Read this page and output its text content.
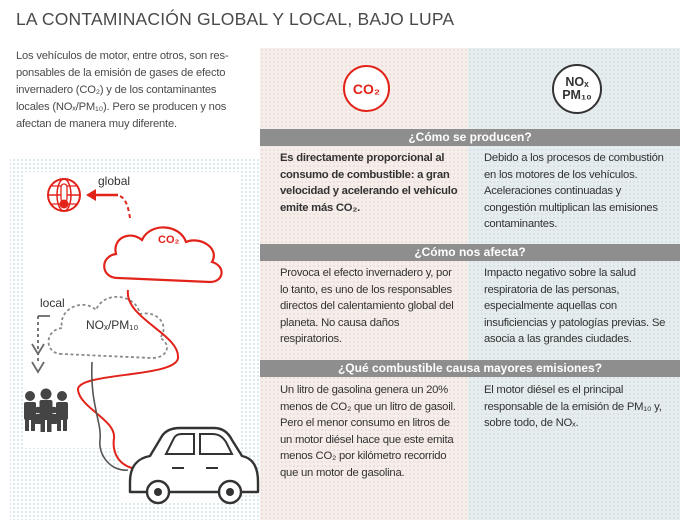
LA CONTAMINACIÓN GLOBAL Y LOCAL, BAJO LUPA
Los vehículos de motor, entre otros, son res-
ponsables de la emisión de gases de efecto
invernadero (CO₂) y de los contaminantes
locales (NOₓ/PM₁₀). Pero se producen y nos
afectan de manera muy diferente.
global
local
CO₂
NOₓ/PM₁₀
CO₂	NOₓ
PM₁₀
¿Cómo se producen?
Es directamente proporcional al consumo de combustible: a gran velocidad y acelerando el vehículo emite más CO₂.
Debido a los procesos de combustión en los motores de los vehículos. Aceleraciones continuadas y congestión multiplican las emisiones contaminantes.
¿Cómo nos afecta?
Provoca el efecto invernadero y, por lo tanto, es uno de los responsables directos del calentamiento global del planeta. No causa daños respiratorios.
Impacto negativo sobre la salud respiratoria de las personas, especialmente aquellas con insuficiencias y patologías previas. Se asocia a las grandes ciudades.
¿Qué combustible causa mayores emisiones?
Un litro de gasolina genera un 20% menos de CO₂ que un litro de gasoil. Pero el menor consumo en litros de un motor diésel hace que este emita menos CO₂ por kilómetro recorrido que un motor de gasolina.
El motor diésel es el principal responsable de la emisión de PM₁₀ y, sobre todo, de NOₓ.
